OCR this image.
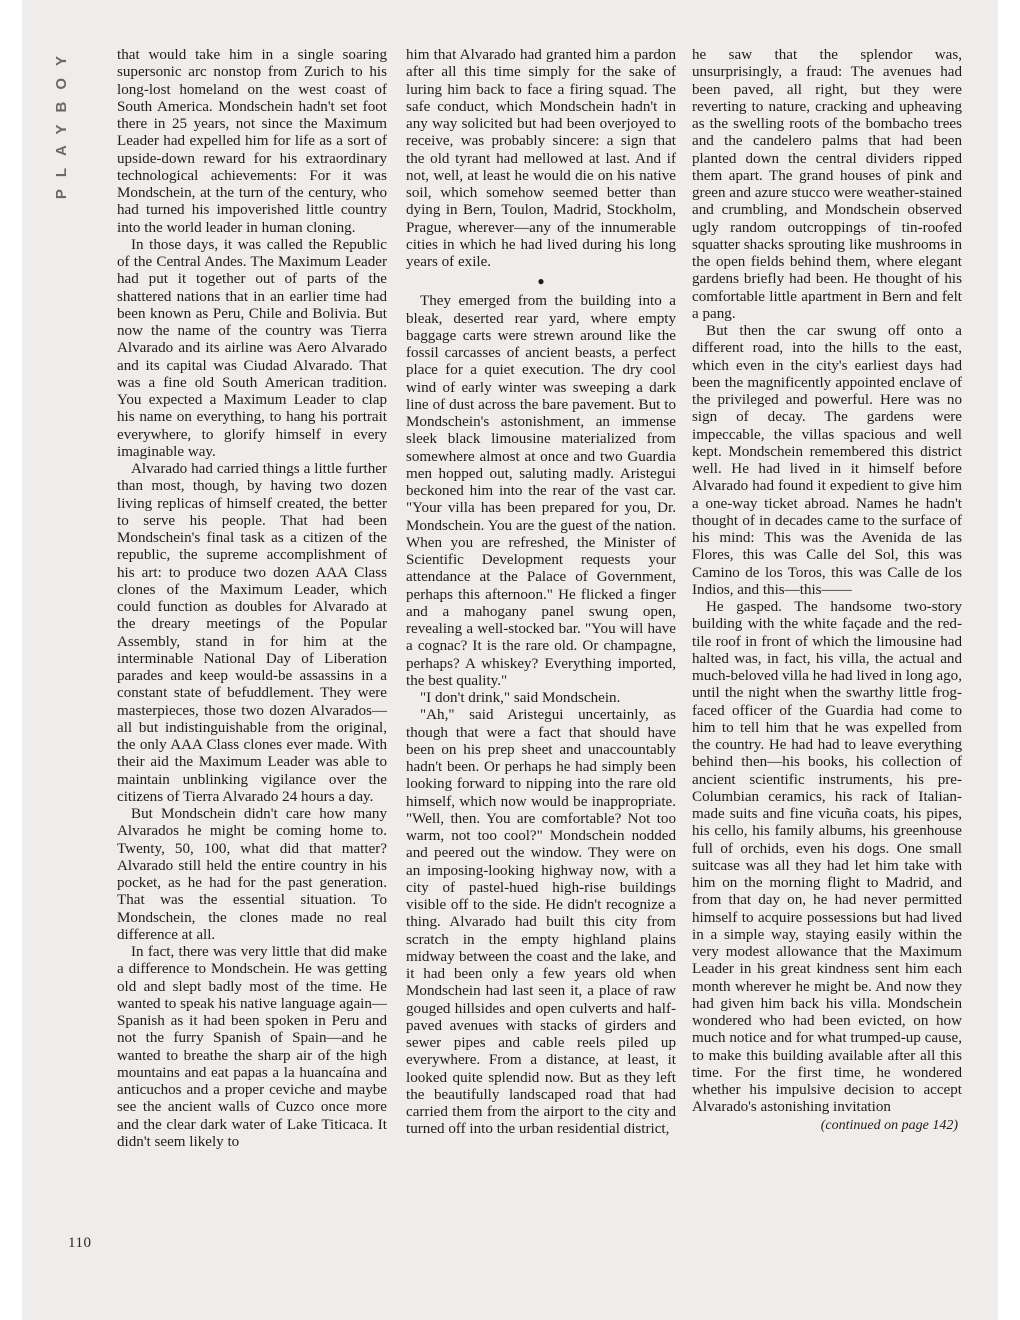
PLAYBOY	that would take him in a single soaring supersonic arc nonstop from Zurich to his long-lost homeland on the west coast of South America. Mondschein hadn't set foot there in 25 years, not since the Maximum Leader had expelled him for life as a sort of upside-down reward for his extraordinary technological achievements: For it was Mondschein, at the turn of the century, who had turned his impoverished little country into the world leader in human cloning.

In those days, it was called the Republic of the Central Andes. The Maximum Leader had put it together out of parts of the shattered nations that in an earlier time had been known as Peru, Chile and Bolivia. But now the name of the country was Tierra Alvarado and its airline was Aero Alvarado and its capital was Ciudad Alvarado. That was a fine old South American tradition. You expected a Maximum Leader to clap his name on everything, to hang his portrait everywhere, to glorify himself in every imaginable way.

Alvarado had carried things a little further than most, though, by having two dozen living replicas of himself created, the better to serve his people. That had been Mondschein's final task as a citizen of the republic, the supreme accomplishment of his art: to produce two dozen AAA Class clones of the Maximum Leader, which could function as doubles for Alvarado at the dreary meetings of the Popular Assembly, stand in for him at the interminable National Day of Liberation parades and keep would-be assassins in a constant state of befuddlement. They were masterpieces, those two dozen Alvarados—all but indistinguishable from the original, the only AAA Class clones ever made. With their aid the Maximum Leader was able to maintain unblinking vigilance over the citizens of Tierra Alvarado 24 hours a day.

But Mondschein didn't care how many Alvarados he might be coming home to. Twenty, 50, 100, what did that matter? Alvarado still held the entire country in his pocket, as he had for the past generation. That was the essential situation. To Mondschein, the clones made no real difference at all.

In fact, there was very little that did make a difference to Mondschein. He was getting old and slept badly most of the time. He wanted to speak his native language again—Spanish as it had been spoken in Peru and not the furry Spanish of Spain—and he wanted to breathe the sharp air of the high mountains and eat papas a la huancaína and anticuchos and a proper ceviche and maybe see the ancient walls of Cuzco once more and the clear dark water of Lake Titicaca. It didn't seem likely to

him that Alvarado had granted him a pardon after all this time simply for the sake of luring him back to face a firing squad. The safe conduct, which Mondschein hadn't in any way solicited but had been overjoyed to receive, was probably sincere: a sign that the old tyrant had mellowed at last. And if not, well, at least he would die on his native soil, which somehow seemed better than dying in Bern, Toulon, Madrid, Stockholm, Prague, wherever—any of the innumerable cities in which he had lived during his long years of exile.

●

They emerged from the building into a bleak, deserted rear yard, where empty baggage carts were strewn around like the fossil carcasses of ancient beasts, a perfect place for a quiet execution. The dry cool wind of early winter was sweeping a dark line of dust across the bare pavement. But to Mondschein's astonishment, an immense sleek black limousine materialized from somewhere almost at once and two Guardia men hopped out, saluting madly. Aristegui beckoned him into the rear of the vast car. "Your villa has been prepared for you, Dr. Mondschein. You are the guest of the nation. When you are refreshed, the Minister of Scientific Development requests your attendance at the Palace of Government, perhaps this afternoon." He flicked a finger and a mahogany panel swung open, revealing a well-stocked bar. "You will have a cognac? It is the rare old. Or champagne, perhaps? A whiskey? Everything imported, the best quality."

"I don't drink," said Mondschein.

"Ah," said Aristegui uncertainly, as though that were a fact that should have been on his prep sheet and unaccountably hadn't been. Or perhaps he had simply been looking forward to nipping into the rare old himself, which now would be inappropriate. "Well, then. You are comfortable? Not too warm, not too cool?" Mondschein nodded and peered out the window. They were on an imposing-looking highway now, with a city of pastel-hued high-rise buildings visible off to the side. He didn't recognize a thing. Alvarado had built this city from scratch in the empty highland plains midway between the coast and the lake, and it had been only a few years old when Mondschein had last seen it, a place of raw gouged hillsides and open culverts and half-paved avenues with stacks of girders and sewer pipes and cable reels piled up everywhere. From a distance, at least, it looked quite splendid now. But as they left the beautifully landscaped road that had carried them from the airport to the city and turned off into the urban residential district,

he saw that the splendor was, unsurprisingly, a fraud: The avenues had been paved, all right, but they were reverting to nature, cracking and upheaving as the swelling roots of the bombacho trees and the candelero palms that had been planted down the central dividers ripped them apart. The grand houses of pink and green and azure stucco were weather-stained and crumbling, and Mondschein observed ugly random outcroppings of tin-roofed squatter shacks sprouting like mushrooms in the open fields behind them, where elegant gardens briefly had been. He thought of his comfortable little apartment in Bern and felt a pang.

But then the car swung off onto a different road, into the hills to the east, which even in the city's earliest days had been the magnificently appointed enclave of the privileged and powerful. Here was no sign of decay. The gardens were impeccable, the villas spacious and well kept. Mondschein remembered this district well. He had lived in it himself before Alvarado had found it expedient to give him a one-way ticket abroad. Names he hadn't thought of in decades came to the surface of his mind: This was the Avenida de las Flores, this was Calle del Sol, this was Camino de los Toros, this was Calle de los Indios, and this—this——

He gasped. The handsome two-story building with the white façade and the red-tile roof in front of which the limousine had halted was, in fact, his villa, the actual and much-beloved villa he had lived in long ago, until the night when the swarthy little frog-faced officer of the Guardia had come to him to tell him that he was expelled from the country. He had had to leave everything behind then—his books, his collection of ancient scientific instruments, his pre-Columbian ceramics, his rack of Italian-made suits and fine vicuña coats, his pipes, his cello, his family albums, his greenhouse full of orchids, even his dogs. One small suitcase was all they had let him take with him on the morning flight to Madrid, and from that day on, he had never permitted himself to acquire possessions but had lived in a simple way, staying easily within the very modest allowance that the Maximum Leader in his great kindness sent him each month wherever he might be. And now they had given him back his villa. Mondschein wondered who had been evicted, on how much notice and for what trumped-up cause, to make this building available after all this time. For the first time, he wondered whether his impulsive decision to accept Alvarado's astonishing invitation

(continued on page 142)
110
